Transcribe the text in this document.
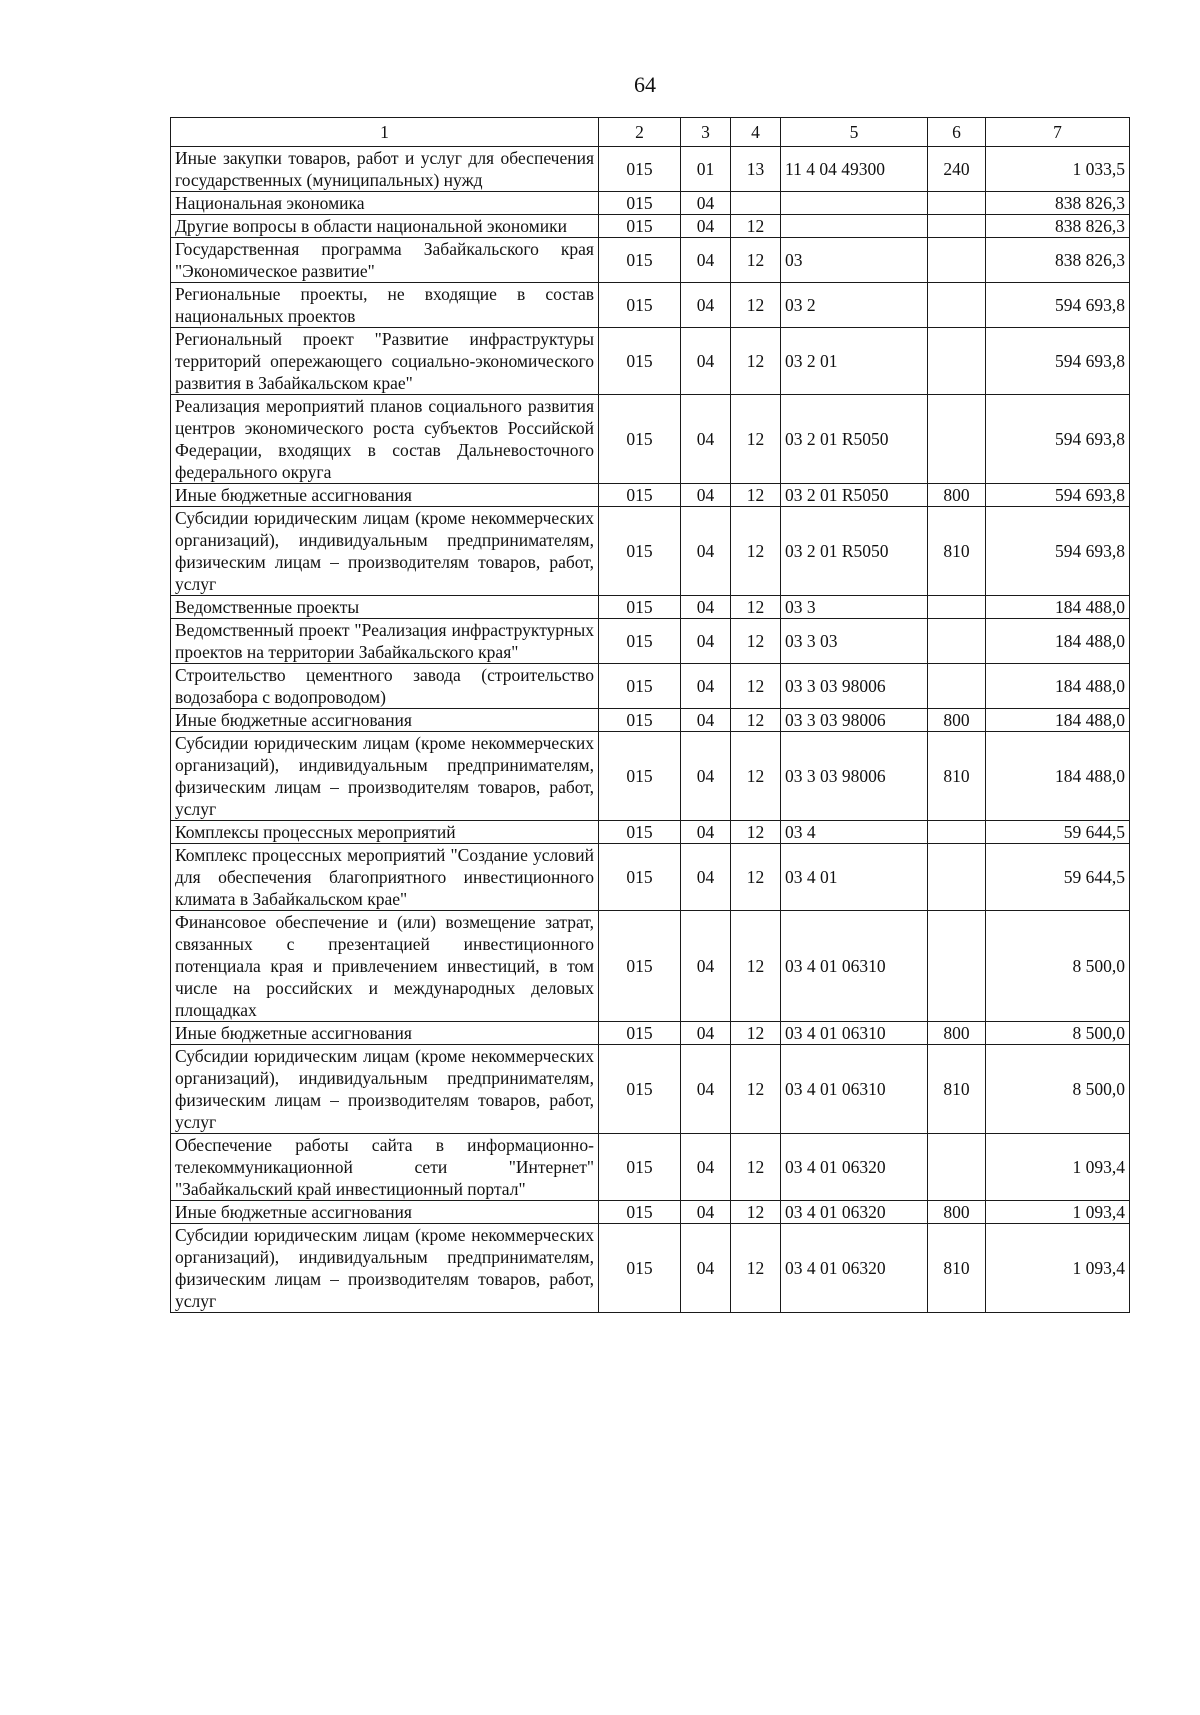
64
1	2	3	4	5	6	7
Иные закупки товаров, работ и услуг для обеспечения государственных (муниципальных) нужд	015	01	13	11 4 04 49300	240	1 033,5
Национальная экономика	015	04				838 826,3
Другие вопросы в области национальной экономики	015	04	12			838 826,3
Государственная программа Забайкальского края "Экономическое развитие"	015	04	12	03		838 826,3
Региональные проекты, не входящие в состав национальных проектов	015	04	12	03 2		594 693,8
Региональный проект "Развитие инфраструктуры территорий опережающего социально-экономического развития в Забайкальском крае"	015	04	12	03 2 01		594 693,8
Реализация мероприятий планов социального развития центров экономического роста субъектов Российской Федерации, входящих в состав Дальневосточного федерального округа	015	04	12	03 2 01 R5050		594 693,8
Иные бюджетные ассигнования	015	04	12	03 2 01 R5050	800	594 693,8
Субсидии юридическим лицам (кроме некоммерческих организаций), индивидуальным предпринимателям, физическим лицам – производителям товаров, работ, услуг	015	04	12	03 2 01 R5050	810	594 693,8
Ведомственные проекты	015	04	12	03 3		184 488,0
Ведомственный проект "Реализация инфраструктурных проектов на территории Забайкальского края"	015	04	12	03 3 03		184 488,0
Строительство цементного завода (строительство водозабора с водопроводом)	015	04	12	03 3 03 98006		184 488,0
Иные бюджетные ассигнования	015	04	12	03 3 03 98006	800	184 488,0
Субсидии юридическим лицам (кроме некоммерческих организаций), индивидуальным предпринимателям, физическим лицам – производителям товаров, работ, услуг	015	04	12	03 3 03 98006	810	184 488,0
Комплексы процессных мероприятий	015	04	12	03 4		59 644,5
Комплекс процессных мероприятий "Создание условий для обеспечения благоприятного инвестиционного климата в Забайкальском крае"	015	04	12	03 4 01		59 644,5
Финансовое обеспечение и (или) возмещение затрат, связанных с презентацией инвестиционного потенциала края и привлечением инвестиций, в том числе на российских и международных деловых площадках	015	04	12	03 4 01 06310		8 500,0
Иные бюджетные ассигнования	015	04	12	03 4 01 06310	800	8 500,0
Субсидии юридическим лицам (кроме некоммерческих организаций), индивидуальным предпринимателям, физическим лицам – производителям товаров, работ, услуг	015	04	12	03 4 01 06310	810	8 500,0
Обеспечение работы сайта в информационно-телекоммуникационной сети "Интернет" "Забайкальский край инвестиционный портал"	015	04	12	03 4 01 06320		1 093,4
Иные бюджетные ассигнования	015	04	12	03 4 01 06320	800	1 093,4
Субсидии юридическим лицам (кроме некоммерческих организаций), индивидуальным предпринимателям, физическим лицам – производителям товаров, работ, услуг	015	04	12	03 4 01 06320	810	1 093,4
